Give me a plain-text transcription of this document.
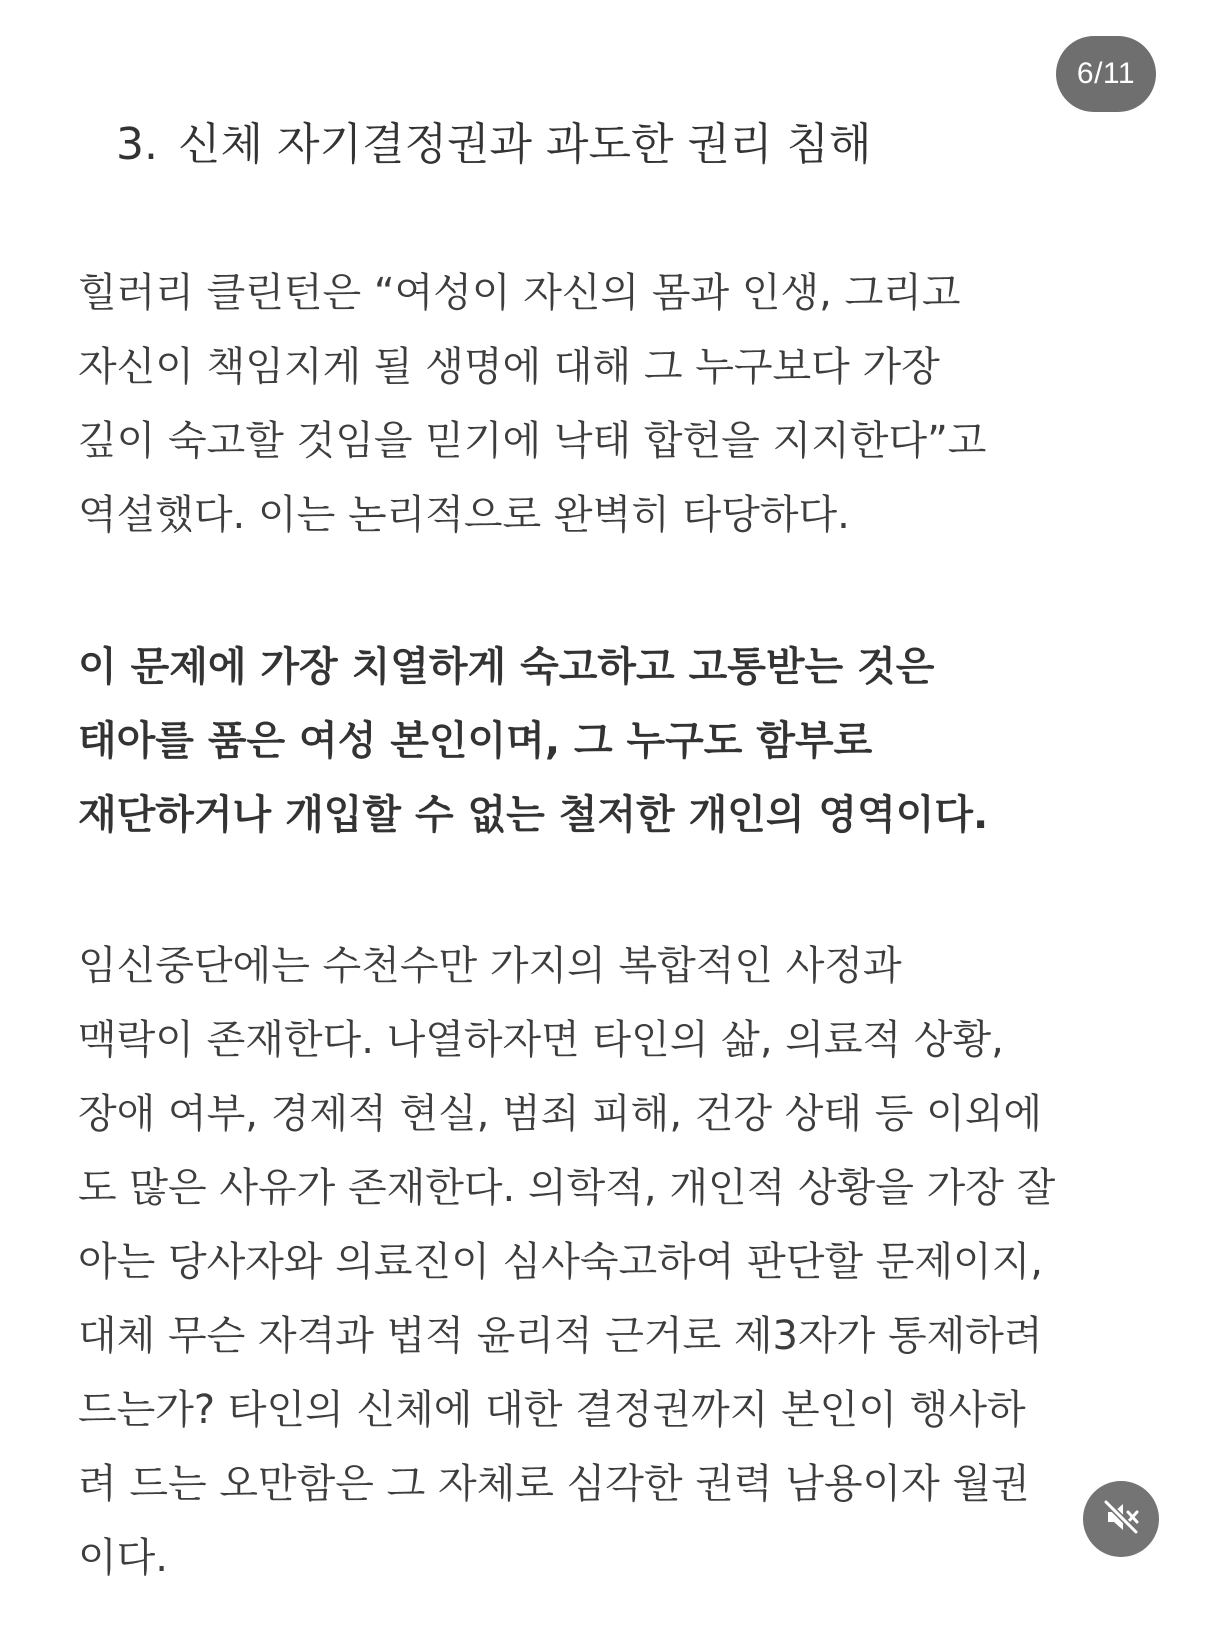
6/11
3. 신체 자기결정권과 과도한 권리 침해

힐러리 클린턴은 “여성이 자신의 몸과 인생, 그리고
자신이 책임지게 될 생명에 대해 그 누구보다 가장
깊이 숙고할 것임을 믿기에 낙태 합헌을 지지한다”고
역설했다. 이는 논리적으로 완벽히 타당하다.

이 문제에 가장 치열하게 숙고하고 고통받는 것은
태아를 품은 여성 본인이며, 그 누구도 함부로
재단하거나 개입할 수 없는 철저한 개인의 영역이다.

임신중단에는 수천수만 가지의 복합적인 사정과
맥락이 존재한다. 나열하자면 타인의 삶, 의료적 상황,
장애 여부, 경제적 현실, 범죄 피해, 건강 상태 등 이외에
도 많은 사유가 존재한다. 의학적, 개인적 상황을 가장 잘
아는 당사자와 의료진이 심사숙고하여 판단할 문제이지,
대체 무슨 자격과 법적 윤리적 근거로 제3자가 통제하려
드는가? 타인의 신체에 대한 결정권까지 본인이 행사하
려 드는 오만함은 그 자체로 심각한 권력 남용이자 월권
이다.
